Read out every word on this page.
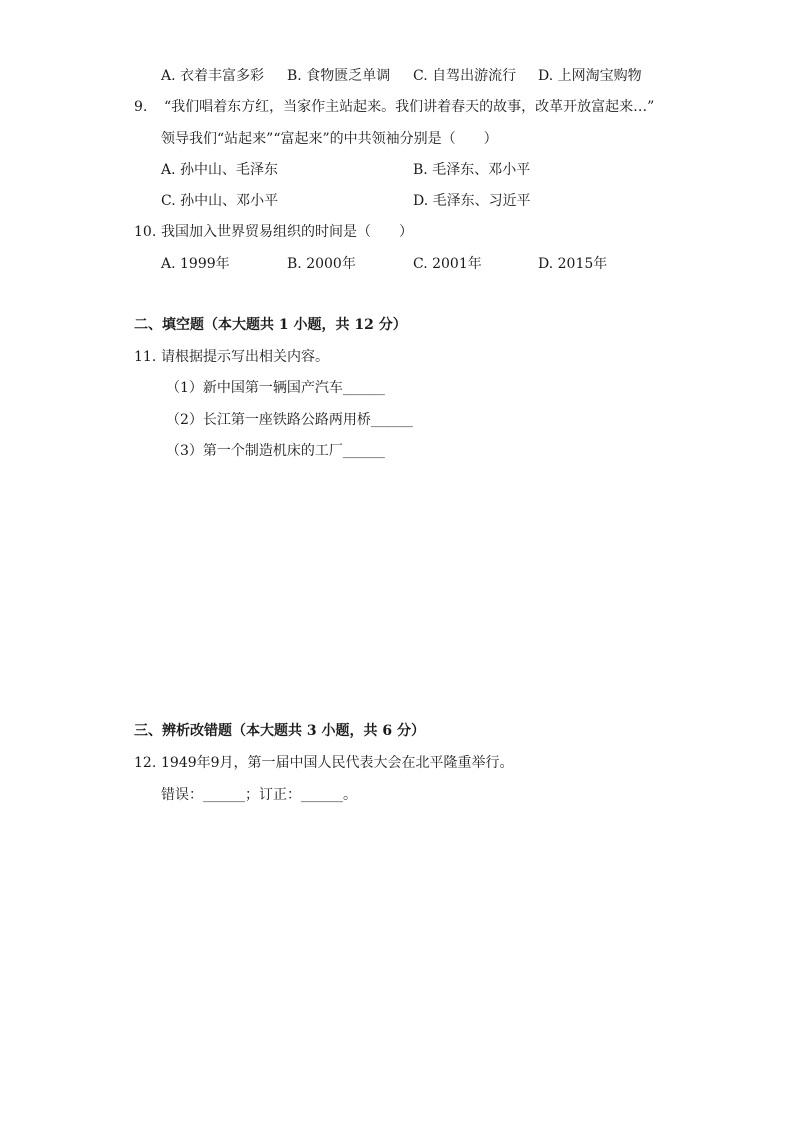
A. 衣着丰富多彩 B. 食物匮乏单调 C. 自驾出游流行 D. 上网淘宝购物
9. “我们唱着东方红，当家作主站起来。我们讲着春天的故事，改革开放富起来…”
领导我们“站起来”“富起来”的中共领袖分别是（　　）
A. 孙中山、毛泽东	B. 毛泽东、邓小平
C. 孙中山、邓小平	D. 毛泽东、习近平
10. 我国加入世界贸易组织的时间是（　　）
A. 1999年	B. 2000年	C. 2001年	D. 2015年
二、填空题（本大题共 1 小题，共 12 分）
11. 请根据提示写出相关内容。
（1）新中国第一辆国产汽车______
（2）长江第一座铁路公路两用桥______
（3）第一个制造机床的工厂______
三、辨析改错题（本大题共 3 小题，共 6 分）
12. 1949年9月，第一届中国人民代表大会在北平隆重举行。
错误：______；订正：______。
